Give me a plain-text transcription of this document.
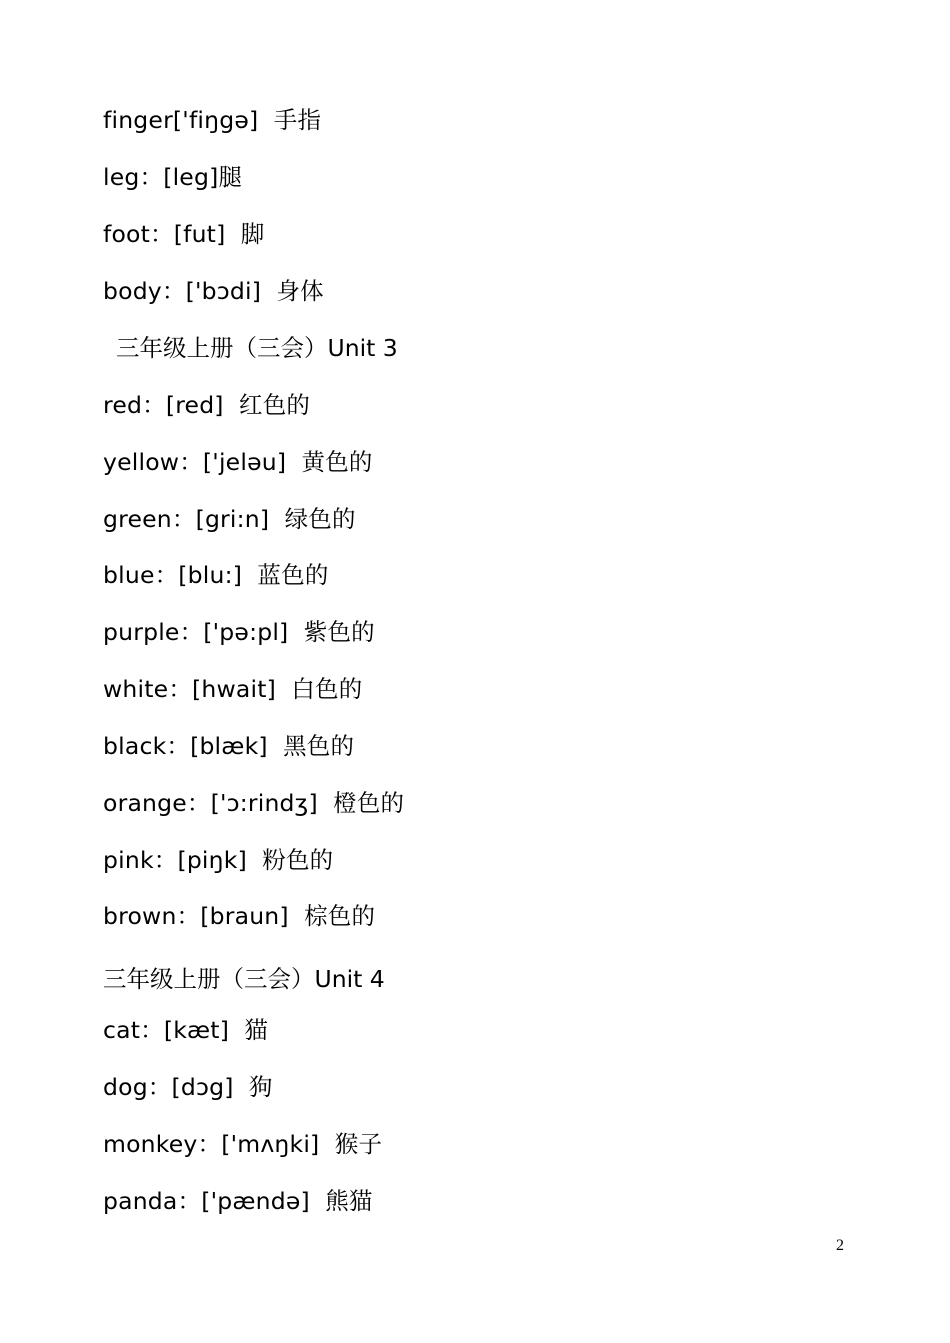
finger['fiŋgə]  手指
leg：[leg]腿
foot：[fut]  脚
body：['bɔdi]  身体
三年级上册（三会）Unit 3
red：[red]  红色的
yellow：['jeləu]  黄色的
green：[gri:n]  绿色的
blue：[blu:]  蓝色的
purple：['pə:pl]  紫色的
white：[hwait]  白色的
black：[blæk]  黑色的
orange：['ɔ:rindʒ]  橙色的
pink：[piŋk]  粉色的
brown：[braun]  棕色的
三年级上册（三会）Unit 4
cat：[kæt]  猫
dog：[dɔg]  狗
monkey：['mʌŋki]  猴子
panda：['pændə]  熊猫
2
